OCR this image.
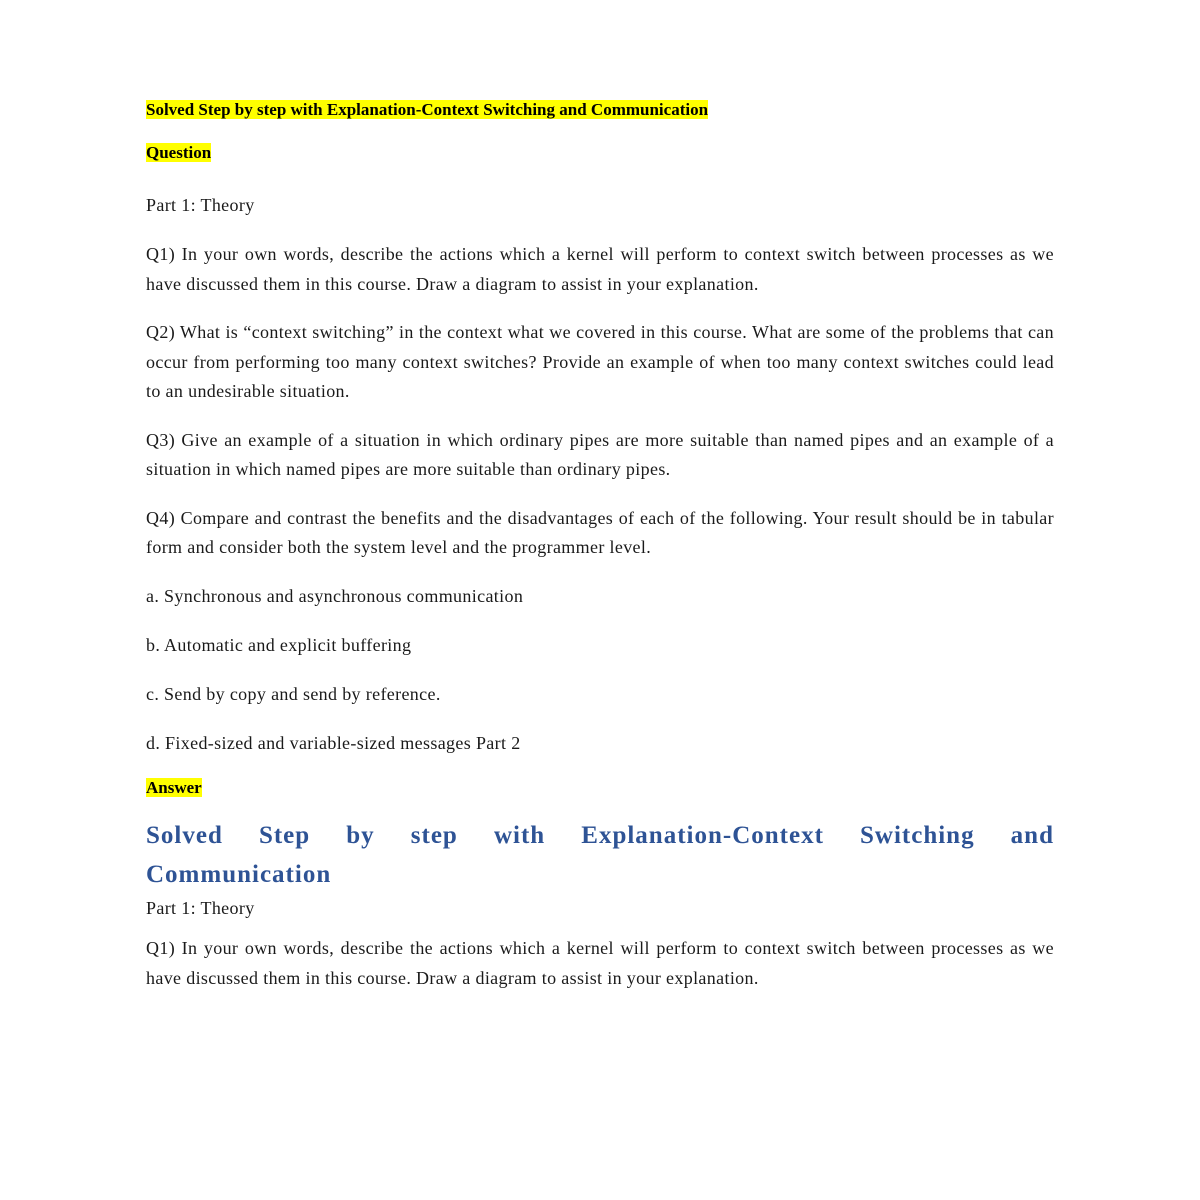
Solved Step by step with Explanation-Context Switching and Communication
Question

Part 1: Theory

Q1) In your own words, describe the actions which a kernel will perform to context switch between processes as we have discussed them in this course. Draw a diagram to assist in your explanation.

Q2) What is “context switching” in the context what we covered in this course. What are some of the problems that can occur from performing too many context switches? Provide an example of when too many context switches could lead to an undesirable situation.

Q3) Give an example of a situation in which ordinary pipes are more suitable than named pipes and an example of a situation in which named pipes are more suitable than ordinary pipes.

Q4) Compare and contrast the benefits and the disadvantages of each of the following. Your result should be in tabular form and consider both the system level and the programmer level.

a. Synchronous and asynchronous communication

b. Automatic and explicit buffering

c. Send by copy and send by reference.

d. Fixed-sized and variable-sized messages Part 2

Answer
Solved Step by step with Explanation-Context Switching and Communication

Part 1: Theory

Q1) In your own words, describe the actions which a kernel will perform to context switch between processes as we have discussed them in this course. Draw a diagram to assist in your explanation.
